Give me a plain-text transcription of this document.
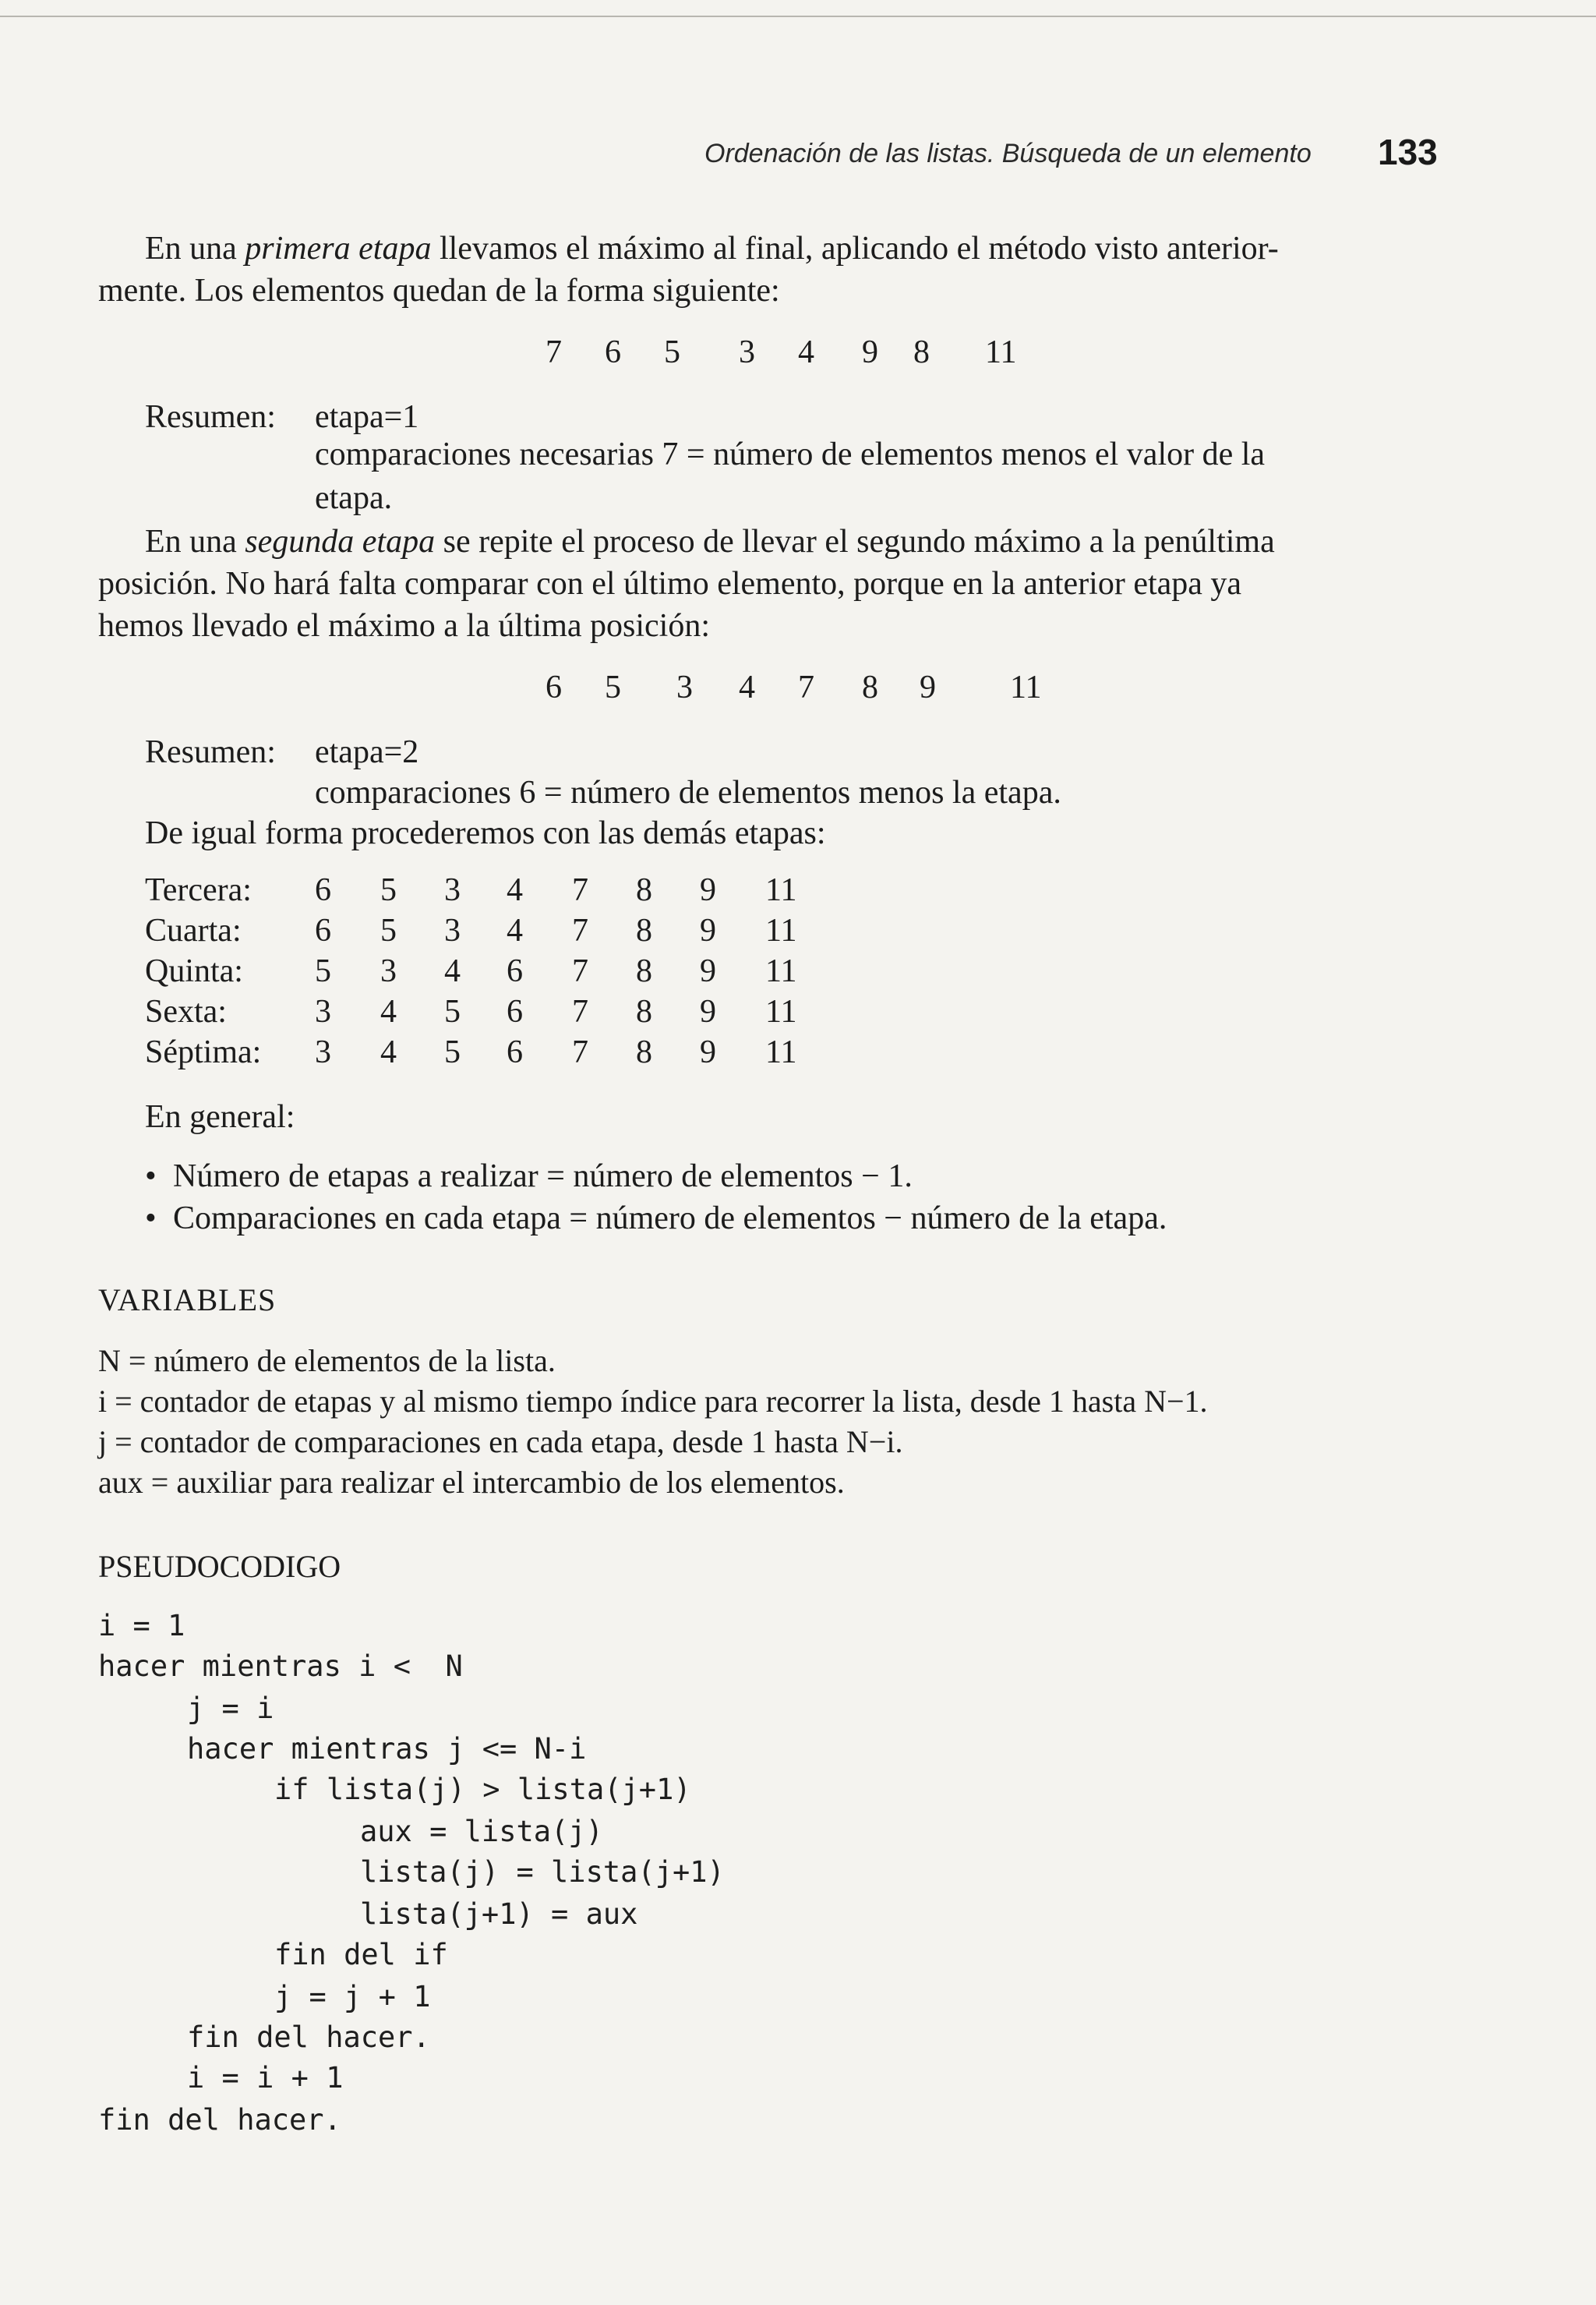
Ordenación de las listas. Búsqueda de un elemento 133

En una primera etapa llevamos el máximo al final, aplicando el método visto anterior-

mente. Los elementos quedan de la forma siguiente:

7 6 5 3 4 9 8 11
Resumen: etapa=1
comparaciones necesarias 7 = número de elementos menos el valor de la
etapa.

En una segunda etapa se repite el proceso de llevar el segundo máximo a la penúltima

posición. No hará falta comparar con el último elemento, porque en la anterior etapa ya

hemos llevado el máximo a la última posición:

6 5 3 4 7 8 9 11
Resumen: etapa=2
comparaciones 6 = número de elementos menos la etapa.
De igual forma procederemos con las demás etapas:
Tercera: 6 5 3 4 7 8 9 11
Cuarta: 6 5 3 4 7 8 9 11
Quinta: 5 3 4 6 7 8 9 11
Sexta:	3 4 5 6 7 8 9 11
Séptima: 3 4 5 6 7 8 9 11
En general:
• Número de etapas a realizar = número de elementos − 1.
• Comparaciones en cada etapa = número de elementos − número de la etapa.
VARIABLES
N = número de elementos de la lista.
i = contador de etapas y al mismo tiempo índice para recorrer la lista, desde 1 hasta N−1.
j = contador de comparaciones en cada etapa, desde 1 hasta N−i.
aux = auxiliar para realizar el intercambio de los elementos.
PSEUDOCODIGO
i = 1
hacer mientras i <  N
j = i
hacer mientras j <= N-i
if lista(j) > lista(j+1)
aux = lista(j)
lista(j) = lista(j+1)
lista(j+1) = aux
fin del if
j = j + 1
fin del hacer.
i = i + 1
fin del hacer.
